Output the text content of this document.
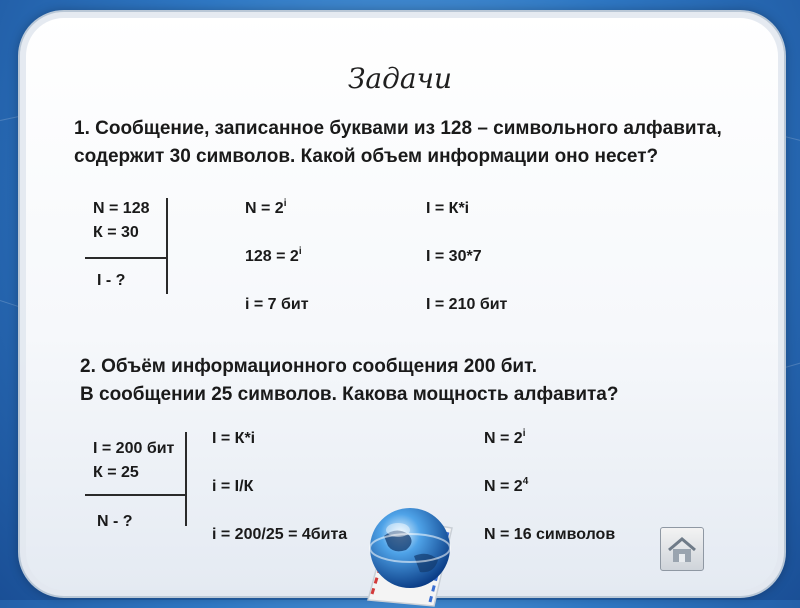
Задачи
1. Сообщение, записанное буквами из 128 – символьного алфавита,
содержит 30 символов. Какой объем информации оно несет?
N = 128
К = 30
I - ?
$N = 2^i$
$128 = 2^i$
i = 7 бит
I = К*i
I = 30*7
I = 210 бит
2. Объём информационного сообщения 200 бит.
В сообщении 25 символов. Какова мощность алфавита?
I = 200 бит
К = 25
N - ?
I = К*i
i = I/К
i = 200/25 = 4бита
$N = 2^i$
$N = 2^4$
N = 16 символов
